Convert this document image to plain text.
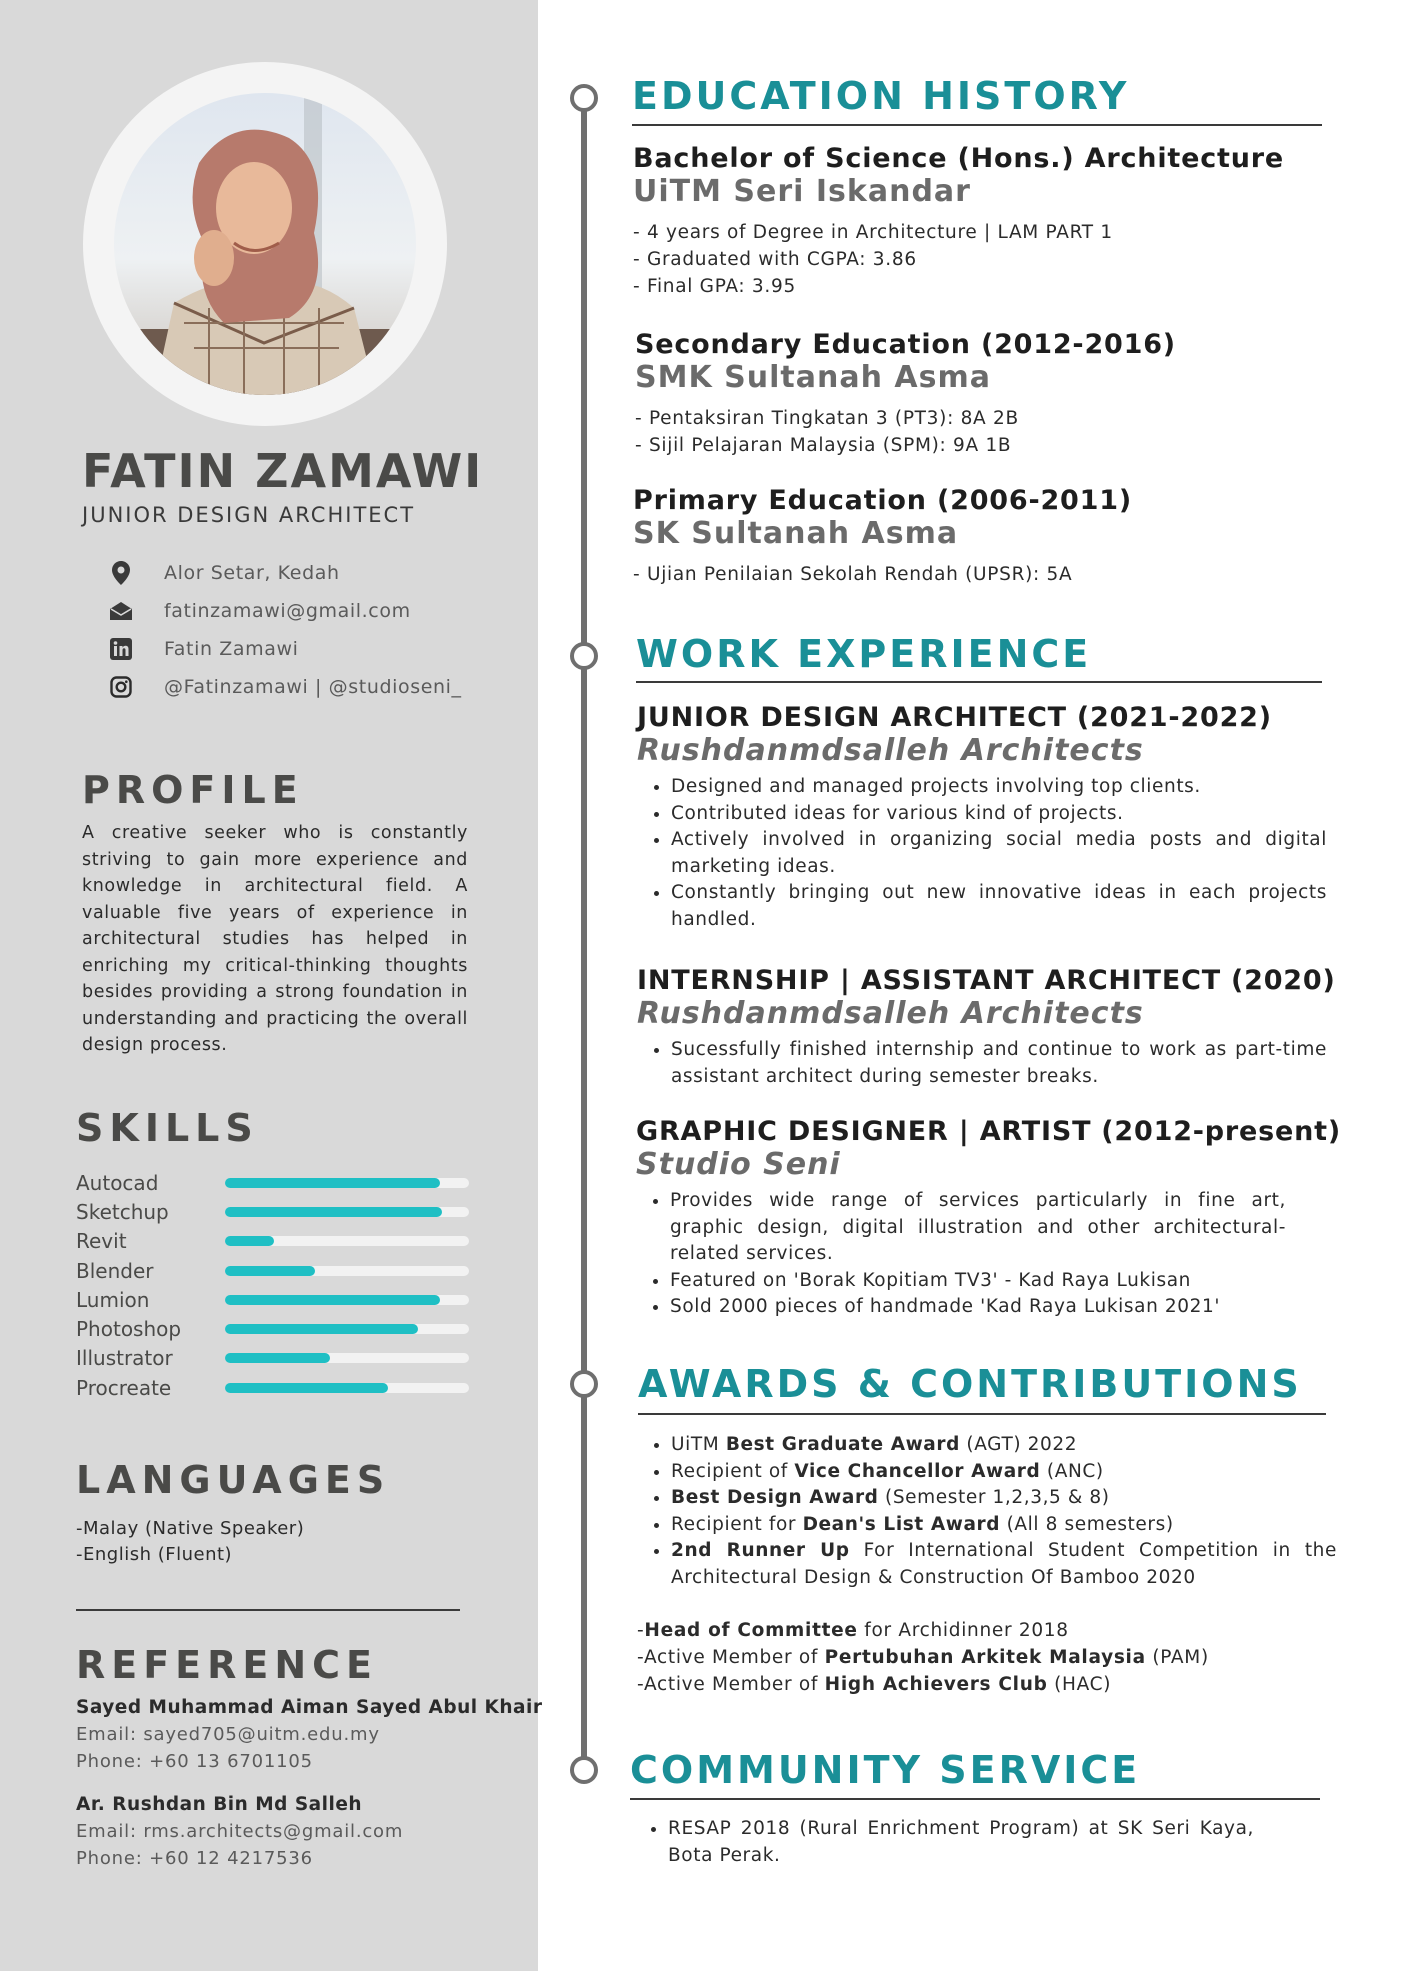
FATIN ZAMAWI
JUNIOR DESIGN ARCHITECT
Alor Setar, Kedah
fatinzamawi@gmail.com
Fatin Zamawi
@Fatinzamawi | @studioseni_
PROFILE

A creative seeker who is constantly striving to gain more experience and knowledge in architectural field. A valuable five years of experience in architectural studies has helped in enriching my critical-thinking thoughts besides providing a strong foundation in understanding and practicing the overall design process.

SKILLS
Autocad
Sketchup
Revit
Blender
Lumion
Photoshop
Illustrator
Procreate
LANGUAGES
-Malay (Native Speaker)
-English (Fluent)
REFERENCE
Sayed Muhammad Aiman Sayed Abul Khair
Email: sayed705@uitm.edu.my
Phone: +60 13 6701105
Ar. Rushdan Bin Md Salleh
Email: rms.architects@gmail.com
Phone: +60 12 4217536
EDUCATION HISTORY
Bachelor of Science (Hons.) Architecture
UiTM Seri Iskandar
- 4 years of Degree in Architecture | LAM PART 1
- Graduated with CGPA: 3.86
- Final GPA: 3.95
Secondary Education (2012-2016)
SMK Sultanah Asma
- Pentaksiran Tingkatan 3 (PT3): 8A 2B
- Sijil Pelajaran Malaysia (SPM): 9A 1B
Primary Education (2006-2011)
SK Sultanah Asma
- Ujian Penilaian Sekolah Rendah (UPSR): 5A
WORK EXPERIENCE
JUNIOR DESIGN ARCHITECT (2021-2022)
Rushdanmdsalleh Architects
• Designed and managed projects involving top clients.
• Contributed ideas for various kind of projects.
• Actively involved in organizing social media posts and digital marketing ideas.
• Constantly bringing out new innovative ideas in each projects handled.
INTERNSHIP | ASSISTANT ARCHITECT (2020)
Rushdanmdsalleh Architects
• Sucessfully finished internship and continue to work as part-time assistant architect during semester breaks.
GRAPHIC DESIGNER | ARTIST (2012-present)
Studio Seni
• Provides wide range of services particularly in fine art, graphic design, digital illustration and other architectural-related services.
• Featured on 'Borak Kopitiam TV3' - Kad Raya Lukisan
• Sold 2000 pieces of handmade 'Kad Raya Lukisan 2021'
AWARDS & CONTRIBUTIONS
• UiTM Best Graduate Award (AGT) 2022
• Recipient of Vice Chancellor Award (ANC)
• Best Design Award (Semester 1,2,3,5 & 8)
• Recipient for Dean's List Award (All 8 semesters)
• 2nd Runner Up For International Student Competition in the Architectural Design & Construction Of Bamboo 2020
-Head of Committee for Archidinner 2018
-Active Member of Pertubuhan Arkitek Malaysia (PAM)
-Active Member of High Achievers Club (HAC)
COMMUNITY SERVICE
• RESAP 2018 (Rural Enrichment Program) at SK Seri Kaya, Bota Perak.
